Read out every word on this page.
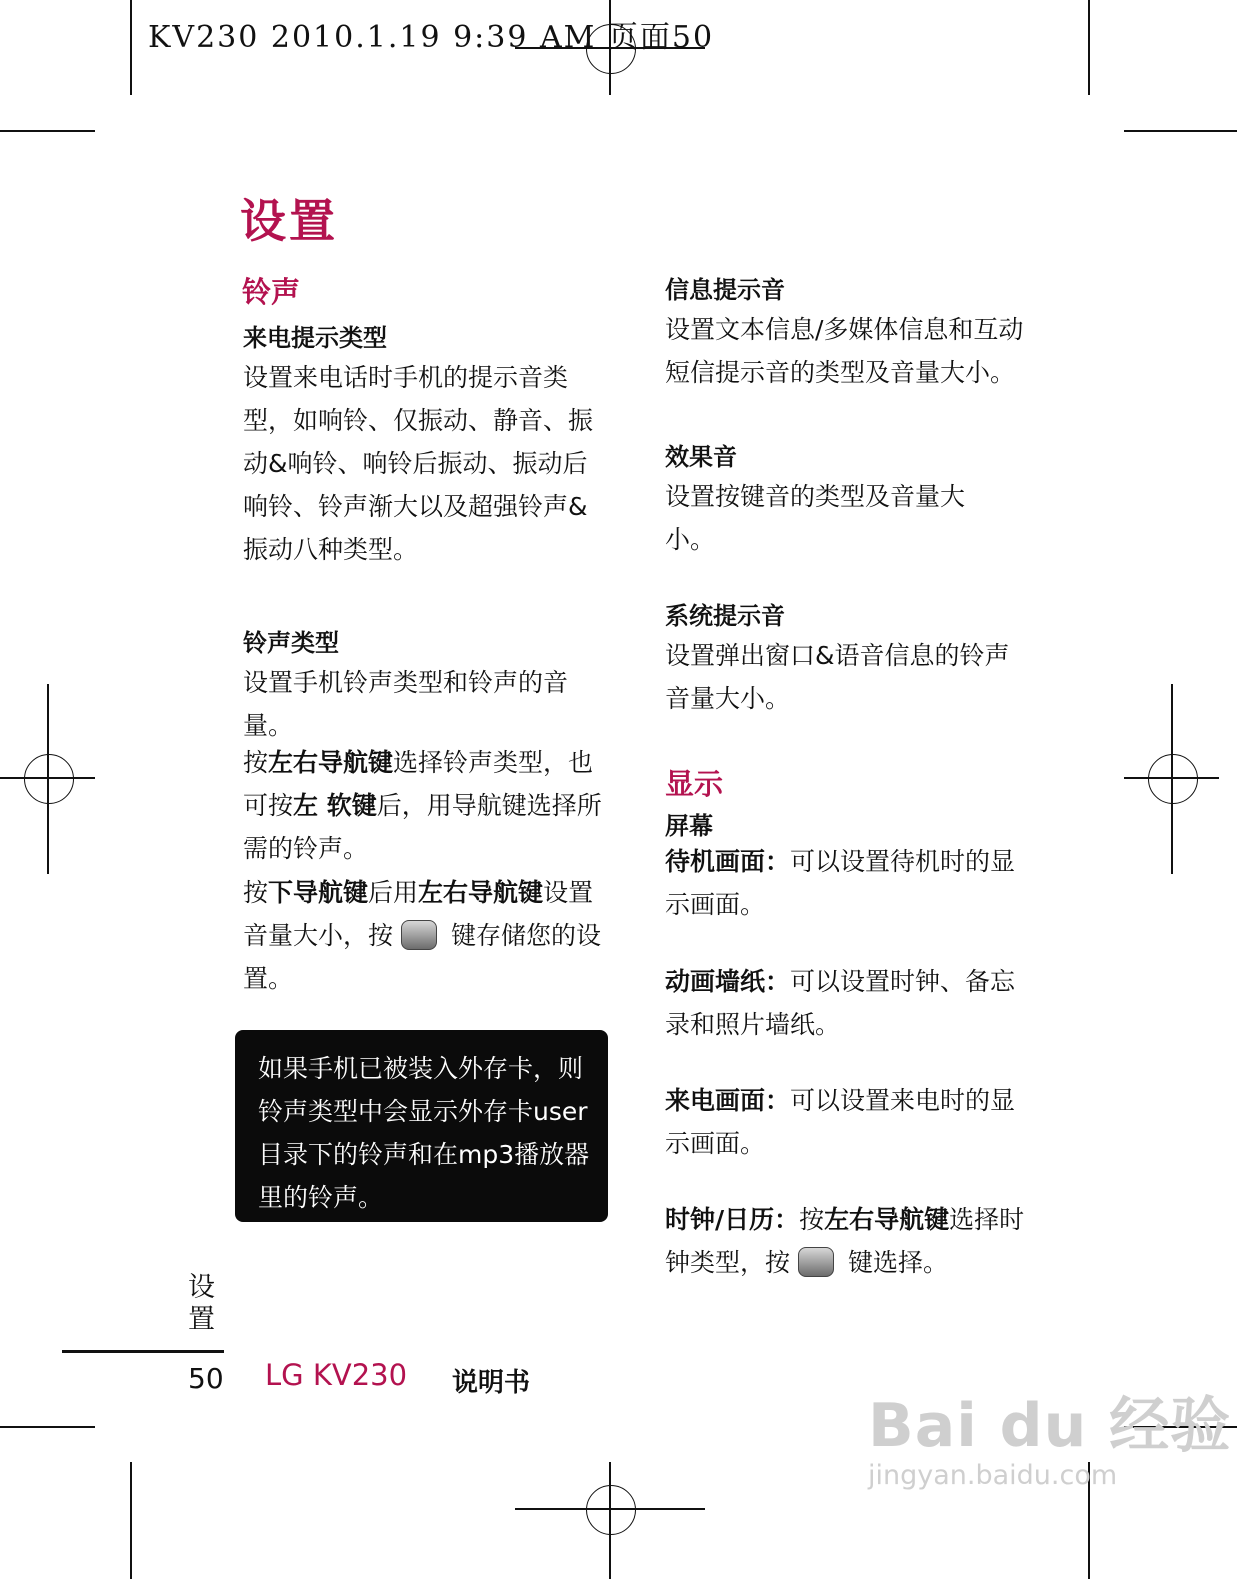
KV230 2010.1.19 9:39 AM 页面50
设置
铃声
来电提示类型
设置来电话时手机的提示音类型，如响铃、仅振动、静音、振动&响铃、响铃后振动、振动后响铃、铃声渐大以及超强铃声&振动八种类型。
铃声类型
设置手机铃声类型和铃声的音量。
按左右导航键选择铃声类型，也可按左 软键后，用导航键选择所需的铃声。
按下导航键后用左右导航键设置音量大小，按 键存储您的设置。
如果手机已被装入外存卡，则铃声类型中会显示外存卡user目录下的铃声和在mp3播放器里的铃声。
信息提示音
设置文本信息/多媒体信息和互动短信提示音的类型及音量大小。
效果音
设置按键音的类型及音量大小。
系统提示音
设置弹出窗口&语音信息的铃声音量大小。
显示
屏幕
待机画面：可以设置待机时的显示画面。
动画墙纸：可以设置时钟、备忘录和照片墙纸。
来电画面：可以设置来电时的显示画面。
时钟/日历：按左右导航键选择时钟类型，按 键选择。
设置
50 LG KV230 说明书
Bai du 经验
jingyan.baidu.com
